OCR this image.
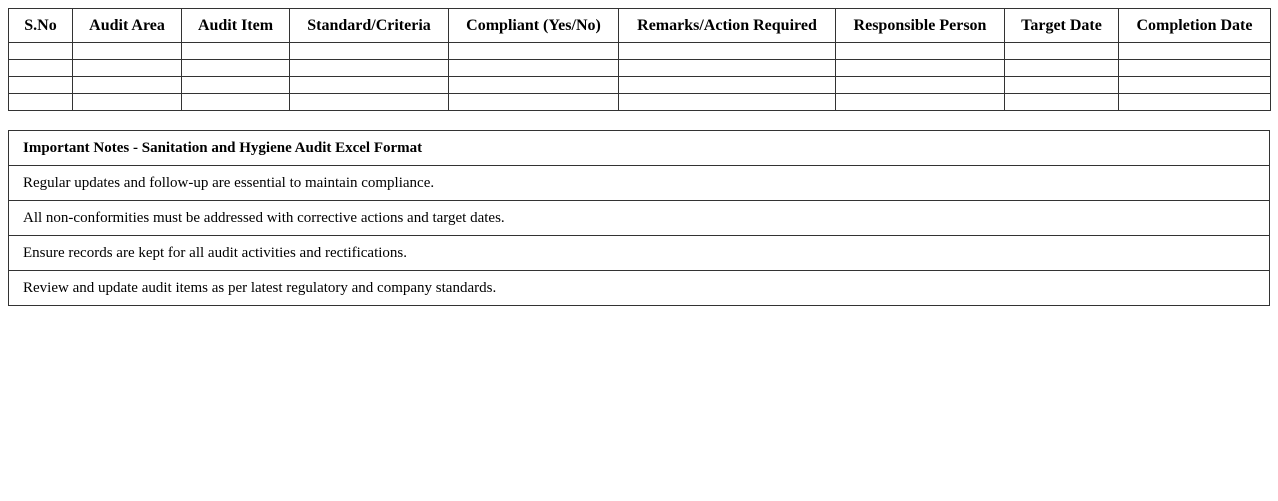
S.No	Audit Area	Audit Item	Standard/Criteria	Compliant (Yes/No)	Remarks/Action Required	Responsible Person	Target Date	Completion Date

Important Notes - Sanitation and Hygiene Audit Excel Format
Regular updates and follow-up are essential to maintain compliance.
All non-conformities must be addressed with corrective actions and target dates.
Ensure records are kept for all audit activities and rectifications.
Review and update audit items as per latest regulatory and company standards.
